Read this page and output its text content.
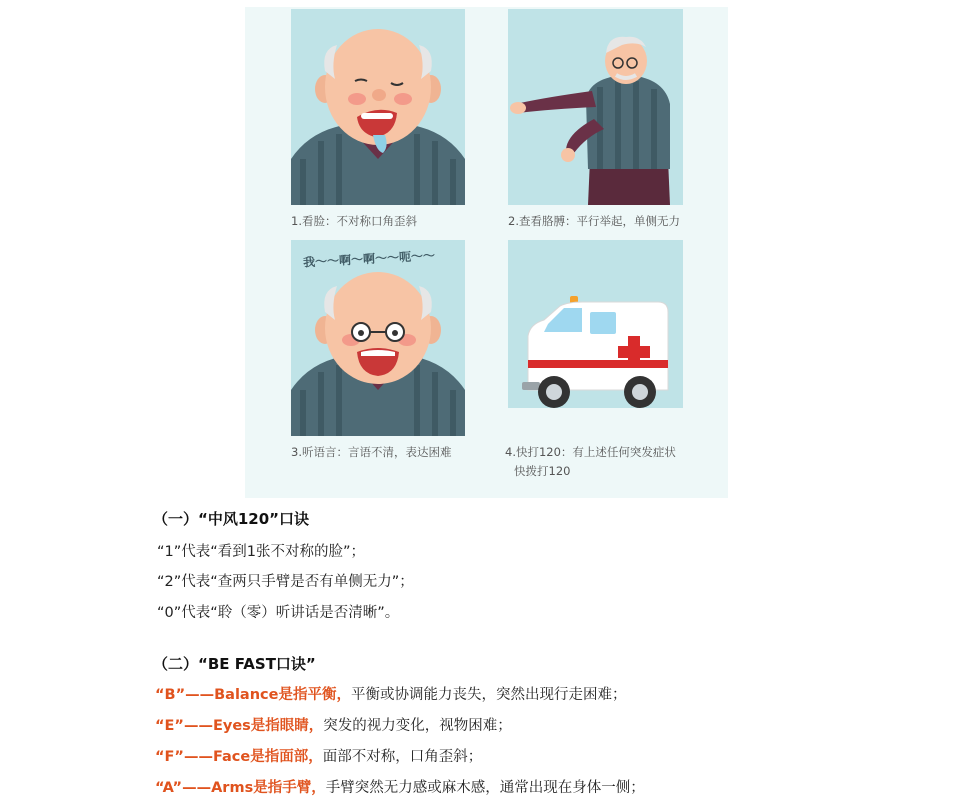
1.看脸：不对称口角歪斜	2.查看胳膊：平行举起，单侧无力
我～～啊～啊～～呃～～
3.听语言：言语不清，表达困难	4.快打120：有上述任何突发症状
快拨打120
（一）“中风120”口诀
“1”代表“看到1张不对称的脸”；
“2”代表“查两只手臂是否有单侧无力”；
“0”代表“聆（零）听讲话是否清晰”。
（二）“BE FAST口诀”
“B”——Balance是指平衡，平衡或协调能力丧失，突然出现行走困难；
“E”——Eyes是指眼睛，突发的视力变化，视物困难；
“F”——Face是指面部，面部不对称，口角歪斜；
“A”——Arms是指手臂，手臂突然无力感或麻木感，通常出现在身体一侧；
